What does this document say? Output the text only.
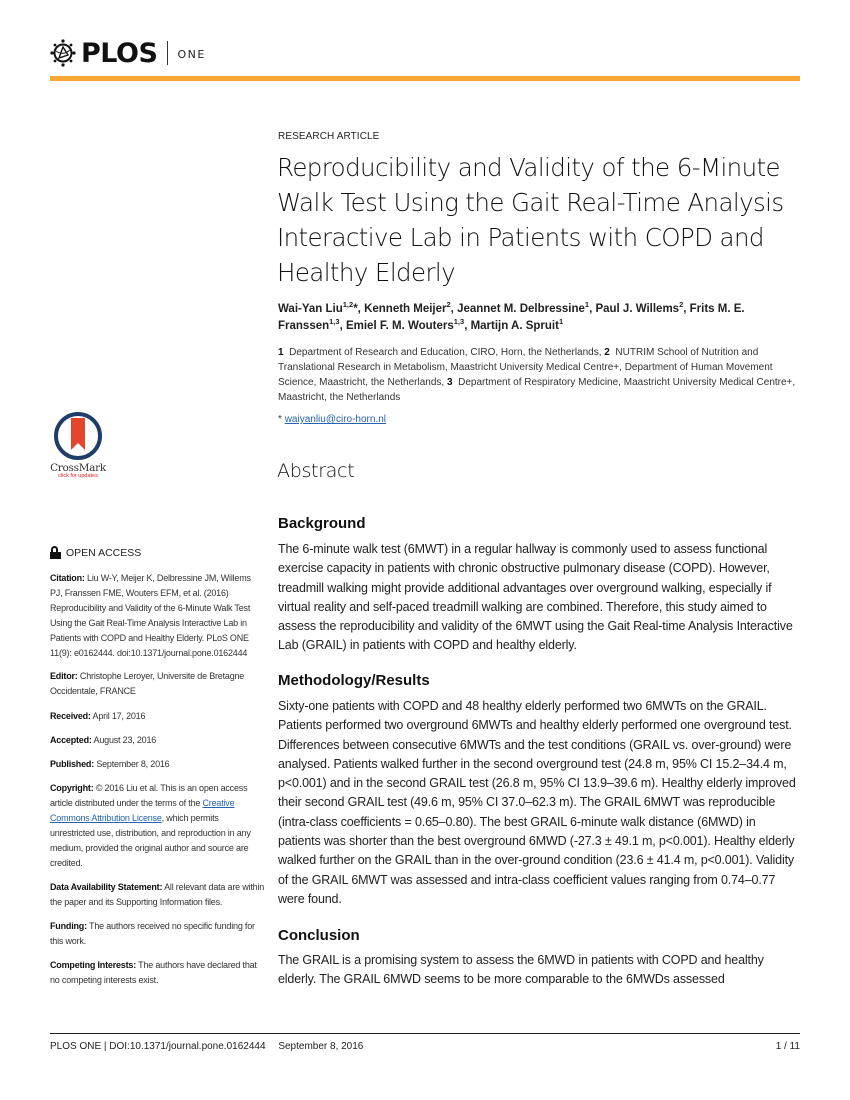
PLOS ONE
RESEARCH ARTICLE
Reproducibility and Validity of the 6-Minute Walk Test Using the Gait Real-Time Analysis Interactive Lab in Patients with COPD and Healthy Elderly
Wai-Yan Liu$^{1,2}$*, Kenneth Meijer$^2$, Jeannet M. Delbressine$^1$, Paul J. Willems$^2$, Frits M. E. Franssen$^{1,3}$, Emiel F. M. Wouters$^{1,3}$, Martijn A. Spruit$^1$
1 Department of Research and Education, CIRO, Horn, the Netherlands, 2 NUTRIM School of Nutrition and Translational Research in Metabolism, Maastricht University Medical Centre+, Department of Human Movement Science, Maastricht, the Netherlands, 3 Department of Respiratory Medicine, Maastricht University Medical Centre+, Maastricht, the Netherlands
* waiyanliu@ciro-horn.nl
CrossMark
click for updates	Abstract
Background

The 6-minute walk test (6MWT) in a regular hallway is commonly used to assess functional exercise capacity in patients with chronic obstructive pulmonary disease (COPD). However, treadmill walking might provide additional advantages over overground walking, especially if virtual reality and self-paced treadmill walking are combined. Therefore, this study aimed to assess the reproducibility and validity of the 6MWT using the Gait Real-time Analysis Interactive Lab (GRAIL) in patients with COPD and healthy elderly.

Methodology/Results

Sixty-one patients with COPD and 48 healthy elderly performed two 6MWTs on the GRAIL. Patients performed two overground 6MWTs and healthy elderly performed one overground test. Differences between consecutive 6MWTs and the test conditions (GRAIL vs. over-ground) were analysed. Patients walked further in the second overground test (24.8 m, 95% CI 15.2–34.4 m, p<0.001) and in the second GRAIL test (26.8 m, 95% CI 13.9–39.6 m). Healthy elderly improved their second GRAIL test (49.6 m, 95% CI 37.0–62.3 m). The GRAIL 6MWT was reproducible (intra-class coefficients = 0.65–0.80). The best GRAIL 6-minute walk distance (6MWD) in patients was shorter than the best overground 6MWD (-27.3 ± 49.1 m, p<0.001). Healthy elderly walked further on the GRAIL than in the over-ground condition (23.6 ± 41.4 m, p<0.001). Validity of the GRAIL 6MWT was assessed and intra-class coefficient values ranging from 0.74–0.77 were found.

Conclusion

The GRAIL is a promising system to assess the 6MWD in patients with COPD and healthy elderly. The GRAIL 6MWD seems to be more comparable to the 6MWDs assessed

OPEN ACCESS
Citation: Liu W-Y, Meijer K, Delbressine JM, Willems PJ, Franssen FME, Wouters EFM, et al. (2016) Reproducibility and Validity of the 6-Minute Walk Test Using the Gait Real-Time Analysis Interactive Lab in Patients with COPD and Healthy Elderly. PLoS ONE 11(9): e0162444. doi:10.1371/journal.pone.0162444
Editor: Christophe Leroyer, Universite de Bretagne Occidentale, FRANCE
Received: April 17, 2016
Accepted: August 23, 2016
Published: September 8, 2016
Copyright: © 2016 Liu et al. This is an open access article distributed under the terms of the Creative Commons Attribution License, which permits unrestricted use, distribution, and reproduction in any medium, provided the original author and source are credited.
Data Availability Statement: All relevant data are within the paper and its Supporting Information files.
Funding: The authors received no specific funding for this work.
Competing Interests: The authors have declared that no competing interests exist.
PLOS ONE | DOI:10.1371/journal.pone.0162444 September 8, 2016	1 / 11
